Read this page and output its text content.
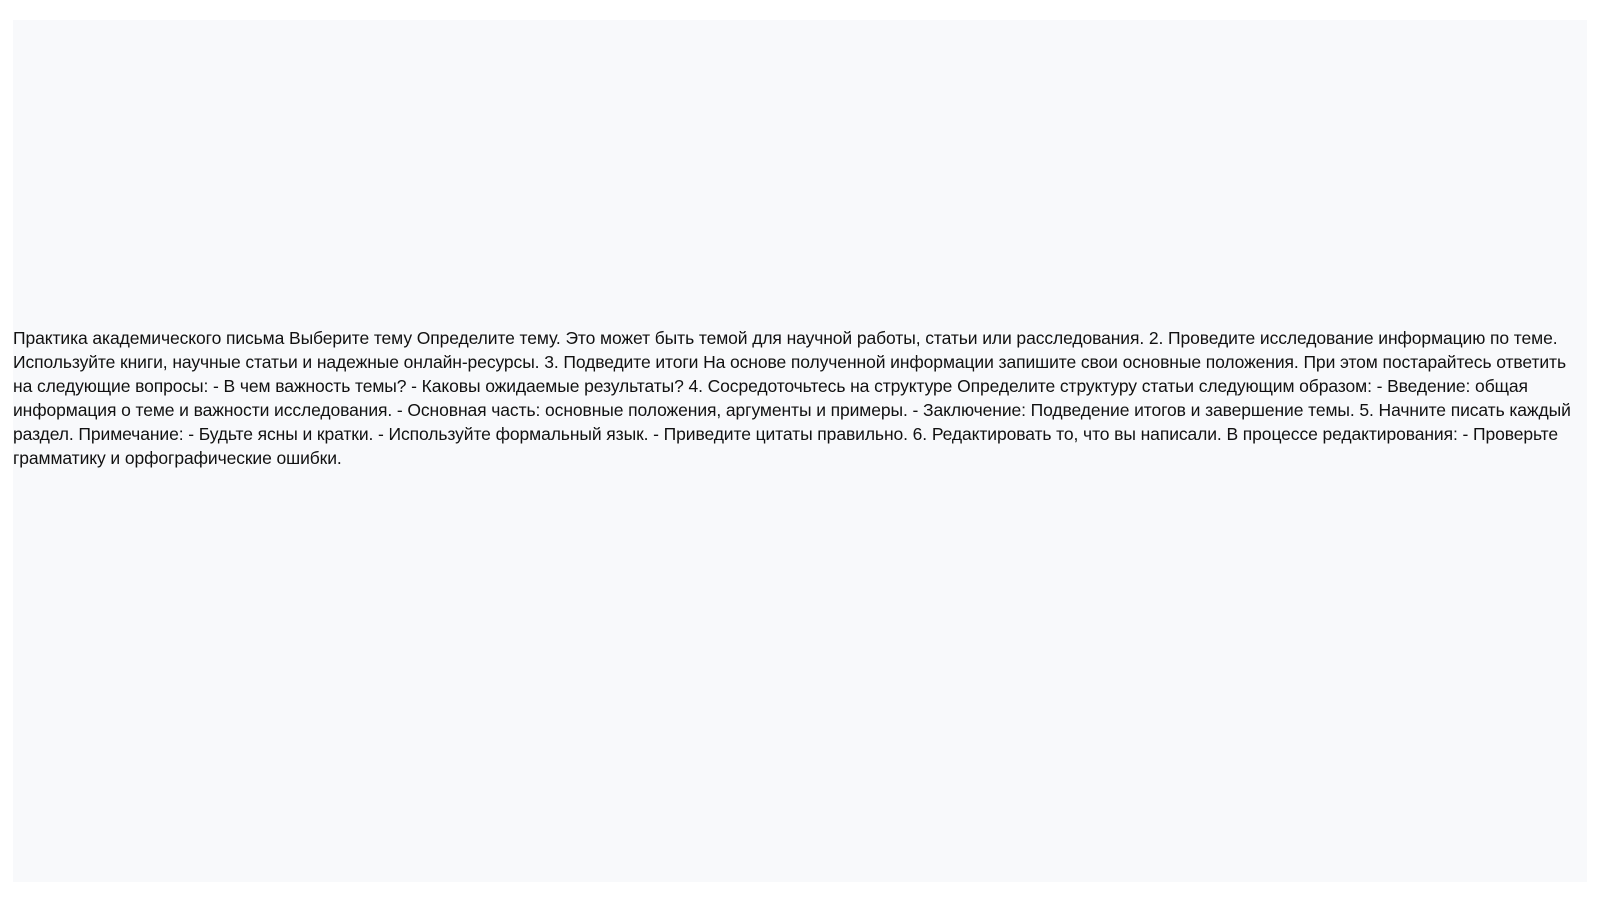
Практика академического письма Выберите тему Определите тему. Это может быть темой для научной работы, статьи или расследования. 2. Проведите исследование информацию по теме. Используйте книги, научные статьи и надежные онлайн-ресурсы. 3. Подведите итоги На основе полученной информации запишите свои основные положения. При этом постарайтесь ответить на следующие вопросы: - В чем важность темы? - Каковы ожидаемые результаты? 4. Сосредоточьтесь на структуре Определите структуру статьи следующим образом: - Введение: общая информация о теме и важности исследования. - Основная часть: основные положения, аргументы и примеры. - Заключение: Подведение итогов и завершение темы. 5. Начните писать каждый раздел. Примечание: - Будьте ясны и кратки. - Используйте формальный язык. - Приведите цитаты правильно. 6. Редактировать то, что вы написали. В процессе редактирования: - Проверьте грамматику и орфографические ошибки.
